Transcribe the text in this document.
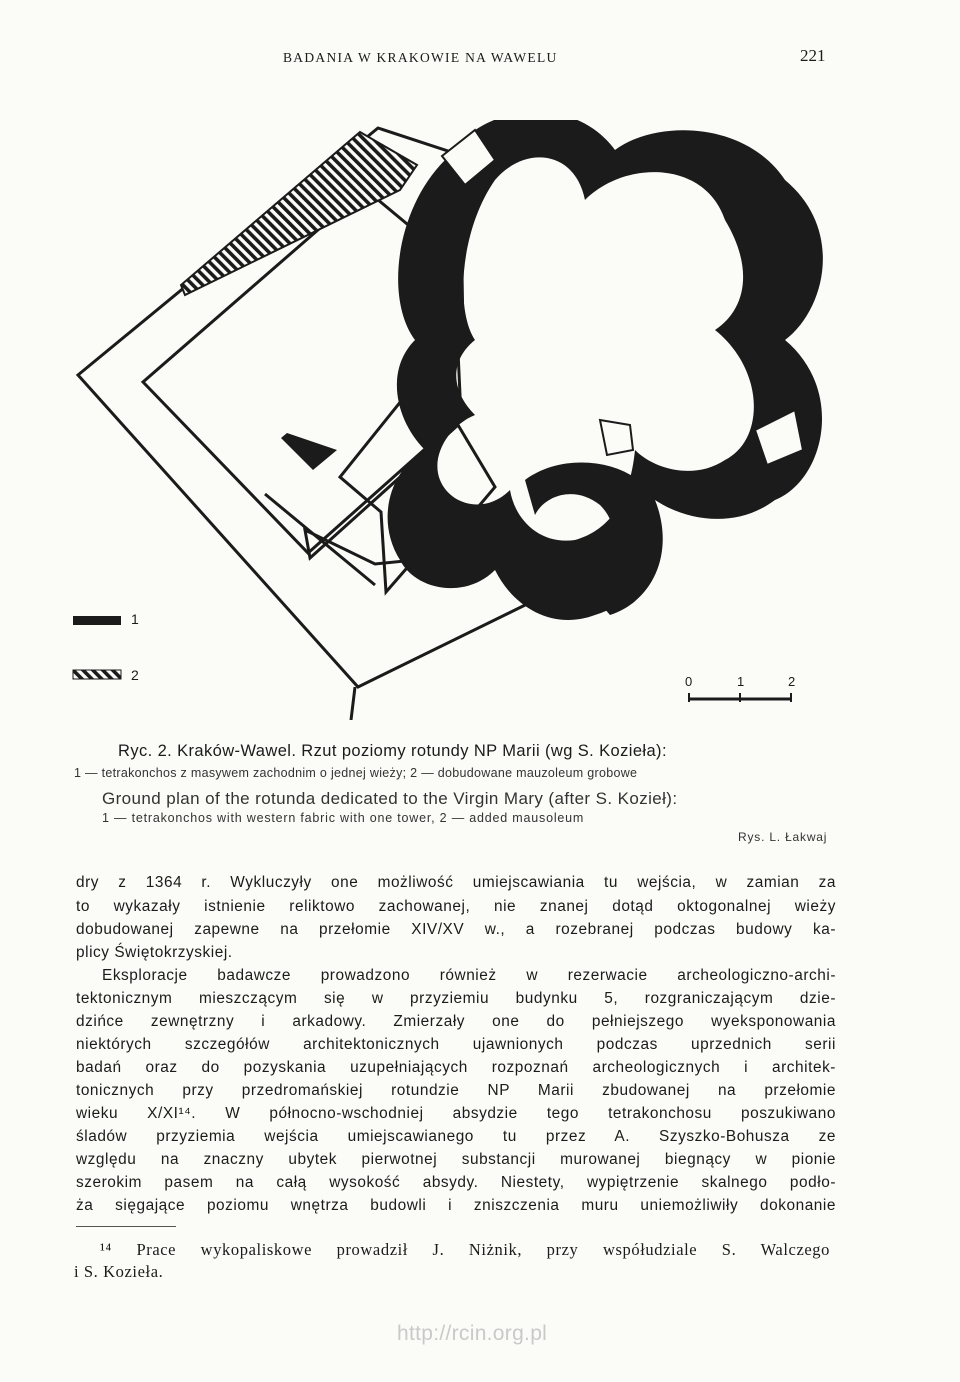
BADANIA W KRAKOWIE NA WAWELU	221
1
2	0	1	2
Ryc. 2. Kraków-Wawel. Rzut poziomy rotundy NP Marii (wg S. Kozieła):
1 — tetrakonchos z masywem zachodnim o jednej wieży; 2 — dobudowane mauzoleum grobowe
Ground plan of the rotunda dedicated to the Virgin Mary (after S. Kozieł):
1 — tetrakonchos with western fabric with one tower, 2 — added mausoleum
Rys. L. Łakwaj
dry z 1364 r. Wykluczyły one możliwość umiejscawiania tu wejścia, w zamian za
to wykazały istnienie reliktowo zachowanej, nie znanej dotąd oktogonalnej wieży
dobudowanej zapewne na przełomie XIV/XV w., a rozebranej podczas budowy ka-
plicy Świętokrzyskiej.
Eksploracje badawcze prowadzono również w rezerwacie archeologiczno-archi-
tektonicznym mieszczącym się w przyziemiu budynku 5, rozgraniczającym dzie-
dzińce zewnętrzny i arkadowy. Zmierzały one do pełniejszego wyeksponowania
niektórych szczegółów architektonicznych ujawnionych podczas uprzednich serii
badań oraz do pozyskania uzupełniających rozpoznań archeologicznych i architek-
tonicznych przy przedromańskiej rotundzie NP Marii zbudowanej na przełomie
wieku X/XI¹⁴. W północno-wschodniej absydzie tego tetrakonchosu poszukiwano
śladów przyziemia wejścia umiejscawianego tu przez A. Szyszko-Bohusza ze
względu na znaczny ubytek pierwotnej substancji murowanej biegnący w pionie
szerokim pasem na całą wysokość absydy. Niestety, wypiętrzenie skalnego podło-
ża sięgające poziomu wnętrza budowli i zniszczenia muru uniemożliwiły dokonanie
¹⁴ Prace wykopaliskowe prowadził J. Niżnik, przy współudziale S. Walczego
i S. Kozieła.
http://rcin.org.pl
